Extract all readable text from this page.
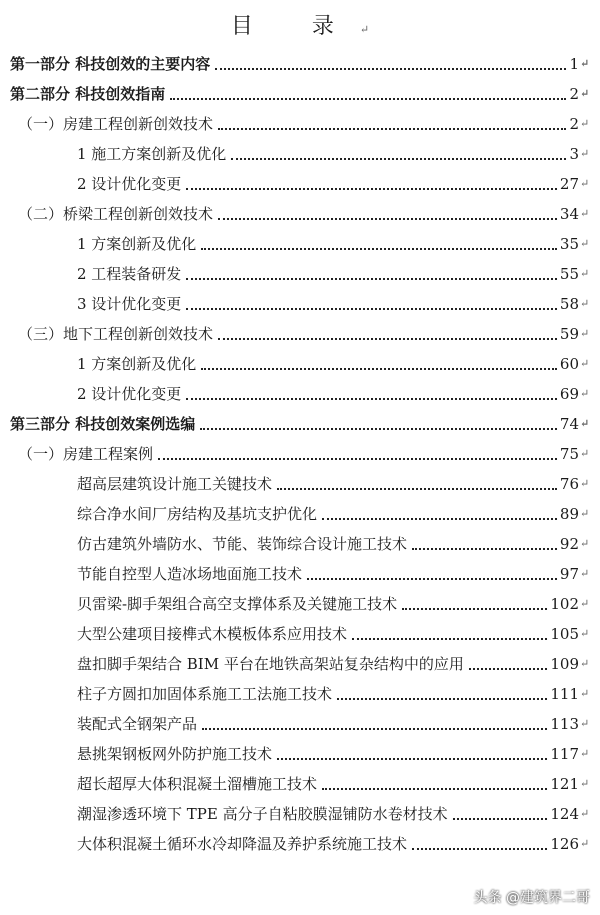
目 录↵
第一部分 科技创效的主要内容	1 ↵
第二部分 科技创效指南	2 ↵
（一）房建工程创新创效技术	2 ↵
1 施工方案创新及优化	3 ↵
2 设计优化变更	27 ↵
（二）桥梁工程创新创效技术	34 ↵
1 方案创新及优化	35 ↵
2 工程装备研发	55 ↵
3 设计优化变更	58 ↵
（三）地下工程创新创效技术	59 ↵
1 方案创新及优化	60 ↵
2 设计优化变更	69 ↵
第三部分 科技创效案例选编	74 ↵
（一）房建工程案例	75 ↵
超高层建筑设计施工关键技术	76 ↵
综合净水间厂房结构及基坑支护优化	89 ↵
仿古建筑外墙防水、节能、装饰综合设计施工技术	92 ↵
节能自控型人造冰场地面施工技术	97 ↵
贝雷梁-脚手架组合高空支撑体系及关键施工技术	102 ↵
大型公建项目接榫式木模板体系应用技术	105 ↵
盘扣脚手架结合 BIM 平台在地铁高架站复杂结构中的应用	109 ↵
柱子方圆扣加固体系施工工法施工技术	111 ↵
装配式全钢架产品	113 ↵
悬挑架钢板网外防护施工技术	117 ↵
超长超厚大体积混凝土溜槽施工技术	121 ↵
潮湿渗透环境下 TPE 高分子自粘胶膜湿铺防水卷材技术	124 ↵
大体积混凝土循环水冷却降温及养护系统施工技术	126 ↵
头条 @建筑界二哥
